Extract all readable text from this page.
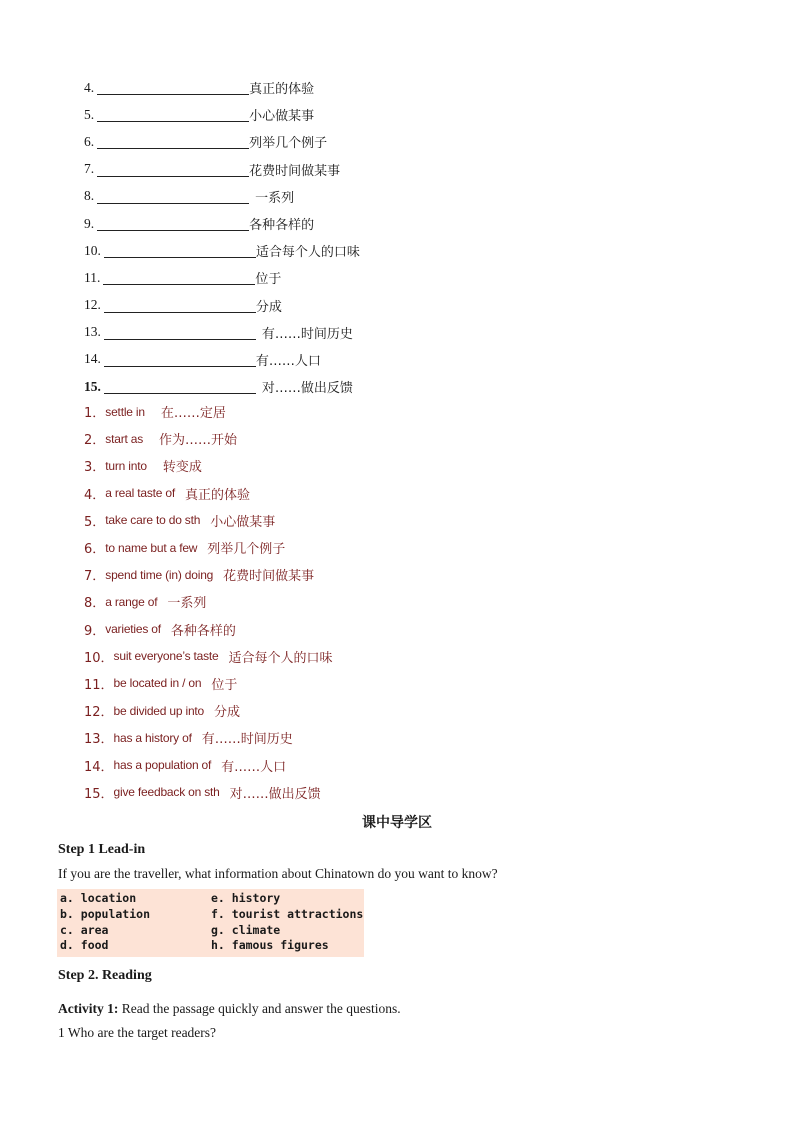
4.	真正的体验
5.	小心做某事
6.	列举几个例子
7.	花费时间做某事
8.	一系列
9.	各种各样的
10.	适合每个人的口味
11.	位于
12.	分成
13.	有……时间历史
14.	有……人口
15.	对……做出反馈
1． settle in 在……定居
2． start as 作为……开始
3． turn into 转变成
4． a real taste of 真正的体验
5． take care to do sth 小心做某事
6． to name but a few 列举几个例子
7． spend time (in) doing 花费时间做某事
8． a range of 一系列
9． varieties of 各种各样的
10． suit everyone’s taste 适合每个人的口味
11． be located in / on 位于
12． be divided up into 分成
13． has a history of 有……时间历史
14． has a population of 有……人口
15． give feedback on sth 对……做出反馈
课中导学区
Step 1 Lead-in
If you are the traveller, what information about Chinatown do you want to know?
a. location
b. population
c. area
d. food
e. history
f. tourist attractions
g. climate
h. famous figures
Step 2. Reading
Activity 1: Read the passage quickly and answer the questions.
1 Who are the target readers?
